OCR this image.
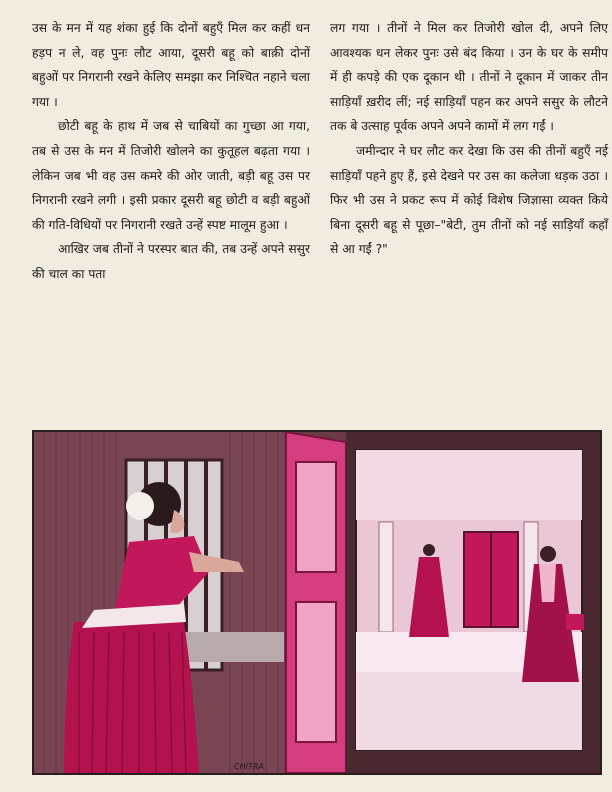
उस के मन में यह शंका हुई कि दोनों बहुएँ मिल कर कहीं धन हड़प न ले, वह पुनः लौट आया, दूसरी बहू को बाक़ी दोनों बहुओं पर निगरानी रखने केलिए समझा कर निश्चित नहाने चला गया ।

छोटी बहू के हाथ में जब से चाबियों का गुच्छा आ गया, तब से उस के मन में तिजोरी खोलने का कुतूहल बढ़ता गया । लेकिन जब भी वह उस कमरे की ओर जाती, बड़ी बहू उस पर निगरानी रखने लगी । इसी प्रकार दूसरी बहू छोटी व बड़ी बहुओं की गति-विधियों पर निगरानी रखते उन्हें स्पष्ट मालूम हुआ ।

आखिर जब तीनों ने परस्पर बात की, तब उन्हें अपने ससुर की चाल का पता

लग गया । तीनों ने मिल कर तिजोरी खोल दी, अपने लिए आवश्यक धन लेकर पुनः उसे बंद किया । उन के घर के समीप में ही कपड़े की एक दूकान थी । तीनों ने दूकान में जाकर तीन साड़ियाँ ख़रीद लीं; नई साड़ियाँ पहन कर अपने ससुर के लौटने तक बे उत्साह पूर्वक अपने अपने कामों में लग गईं ।

जमीन्दार ने घर लौट कर देखा कि उस की तीनों बहुएँ नई साड़ियाँ पहने हुए हैं, इसे देखने पर उस का कलेजा धड़क उठा । फिर भी उस ने प्रकट रूप में कोई विशेष जिज्ञासा व्यक्त किये बिना दूसरी बहू से पूछा–"बेटी, तुम तीनों को नई साड़ियाँ कहाँ से आ गईं ?"

CHITRA
